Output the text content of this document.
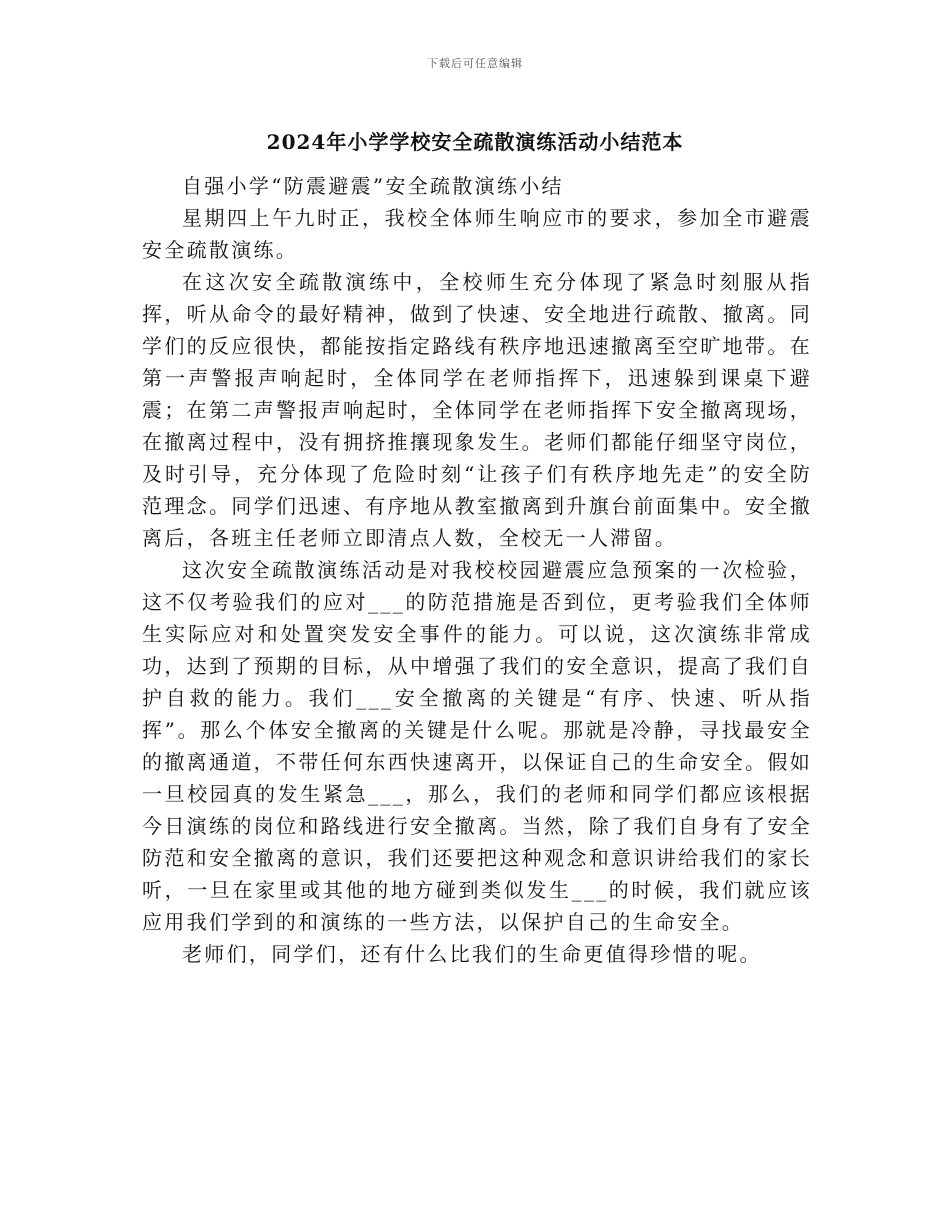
下载后可任意编辑
2024年小学学校安全疏散演练活动小结范本

自强小学“防震避震”安全疏散演练小结

星期四上午九时正，我校全体师生响应市的要求，参加全市避震安全疏散演练。

在这次安全疏散演练中，全校师生充分体现了紧急时刻服从指挥，听从命令的最好精神，做到了快速、安全地进行疏散、撤离。同学们的反应很快，都能按指定路线有秩序地迅速撤离至空旷地带。在第一声警报声响起时，全体同学在老师指挥下，迅速躲到课桌下避震；在第二声警报声响起时，全体同学在老师指挥下安全撤离现场，在撤离过程中，没有拥挤推攘现象发生。老师们都能仔细坚守岗位，及时引导，充分体现了危险时刻“让孩子们有秩序地先走”的安全防范理念。同学们迅速、有序地从教室撤离到升旗台前面集中。安全撤离后，各班主任老师立即清点人数，全校无一人滞留。

这次安全疏散演练活动是对我校校园避震应急预案的一次检验，这不仅考验我们的应对___的防范措施是否到位，更考验我们全体师生实际应对和处置突发安全事件的能力。可以说，这次演练非常成功，达到了预期的目标，从中增强了我们的安全意识，提高了我们自护自救的能力。我们___安全撤离的关键是“有序、快速、听从指挥”。那么个体安全撤离的关键是什么呢。那就是冷静，寻找最安全的撤离通道，不带任何东西快速离开，以保证自己的生命安全。假如一旦校园真的发生紧急___，那么，我们的老师和同学们都应该根据今日演练的岗位和路线进行安全撤离。当然，除了我们自身有了安全防范和安全撤离的意识，我们还要把这种观念和意识讲给我们的家长听，一旦在家里或其他的地方碰到类似发生___的时候，我们就应该应用我们学到的和演练的一些方法，以保护自己的生命安全。

老师们，同学们，还有什么比我们的生命更值得珍惜的呢。
